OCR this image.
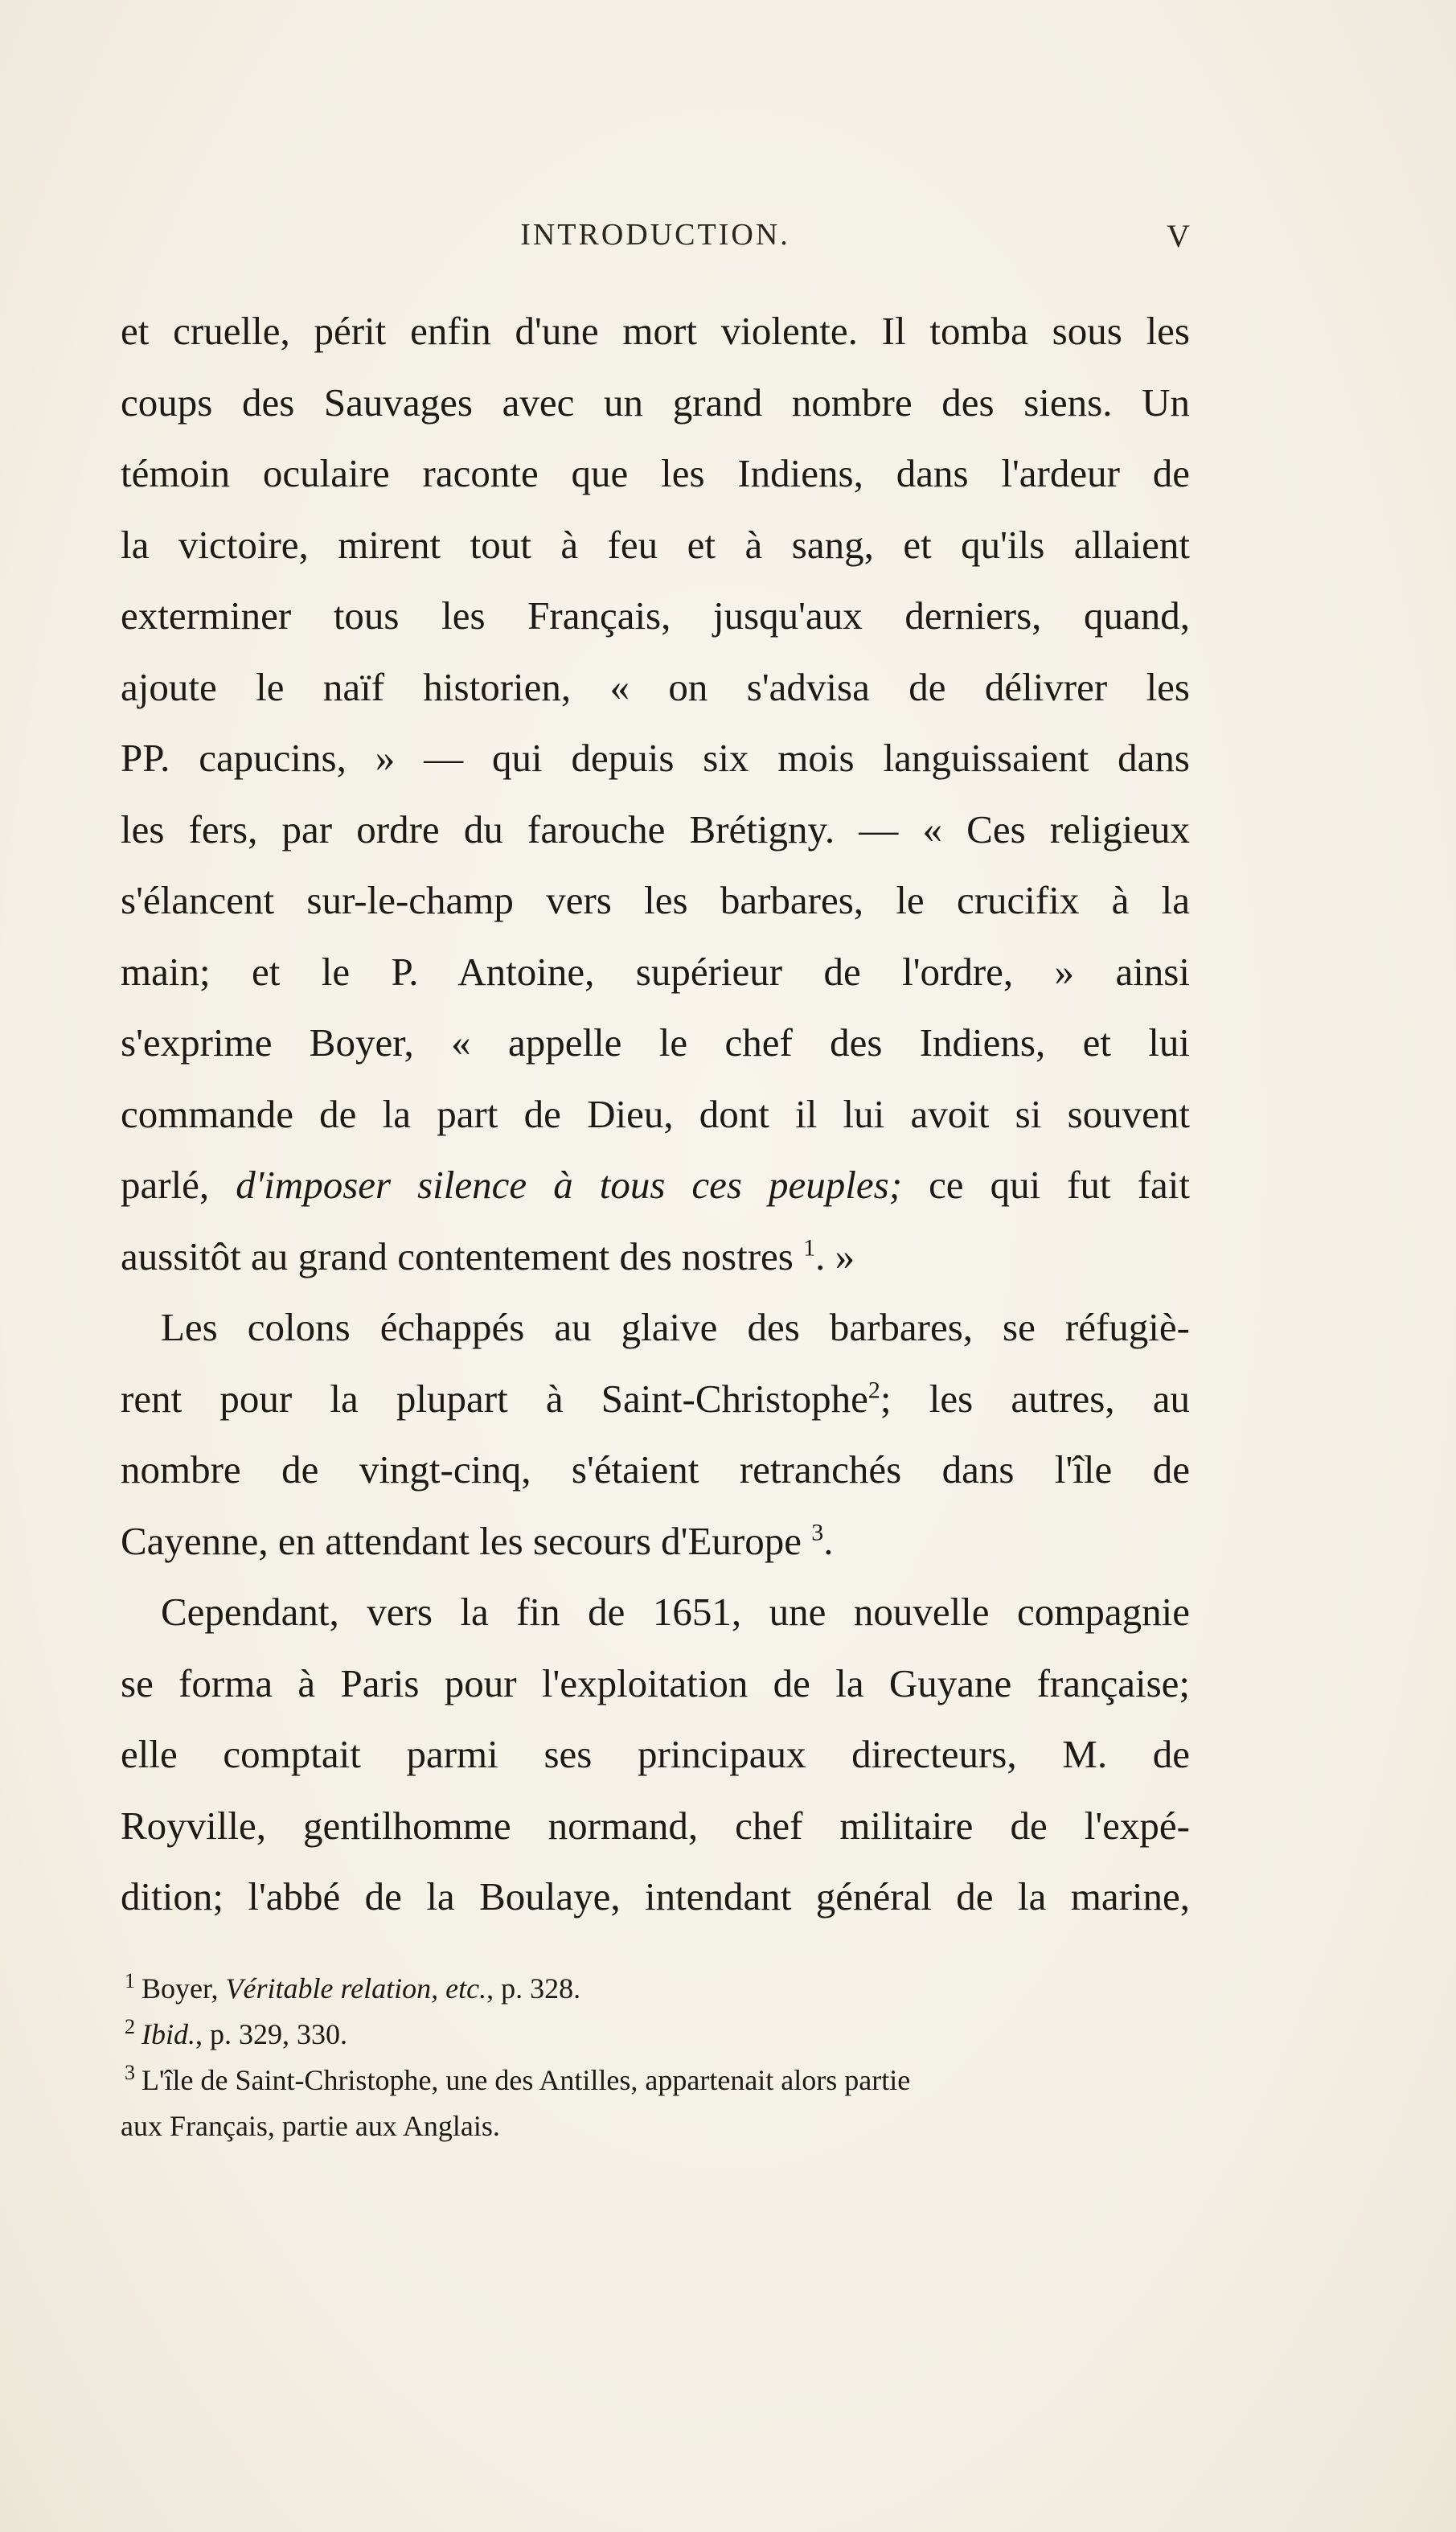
INTRODUCTION.	V
et cruelle, périt enfin d'une mort violente. Il tomba sous les
coups des Sauvages avec un grand nombre des siens. Un
témoin oculaire raconte que les Indiens, dans l'ardeur de
la victoire, mirent tout à feu et à sang, et qu'ils allaient
exterminer tous les Français, jusqu'aux derniers, quand,
ajoute le naïf historien, « on s'advisa de délivrer les
PP. capucins, » — qui depuis six mois languissaient dans
les fers, par ordre du farouche Brétigny. — « Ces religieux
s'élancent sur-le-champ vers les barbares, le crucifix à la
main; et le P. Antoine, supérieur de l'ordre, » ainsi
s'exprime Boyer, « appelle le chef des Indiens, et lui
commande de la part de Dieu, dont il lui avoit si souvent
parlé, d'imposer silence à tous ces peuples; ce qui fut fait
aussitôt au grand contentement des nostres $^1$. »
Les colons échappés au glaive des barbares, se réfugiè-
rent pour la plupart à Saint-Christophe$^2$; les autres, au
nombre de vingt-cinq, s'étaient retranchés dans l'île de
Cayenne, en attendant les secours d'Europe $^3$.
Cependant, vers la fin de 1651, une nouvelle compagnie
se forma à Paris pour l'exploitation de la Guyane française;
elle comptait parmi ses principaux directeurs, M. de
Royville, gentilhomme normand, chef militaire de l'expé-
dition; l'abbé de la Boulaye, intendant général de la marine,
$^1$ Boyer, Véritable relation, etc., p. 328.
$^2$ Ibid., p. 329, 330.
$^3$ L'île de Saint-Christophe, une des Antilles, appartenait alors partie
aux Français, partie aux Anglais.
